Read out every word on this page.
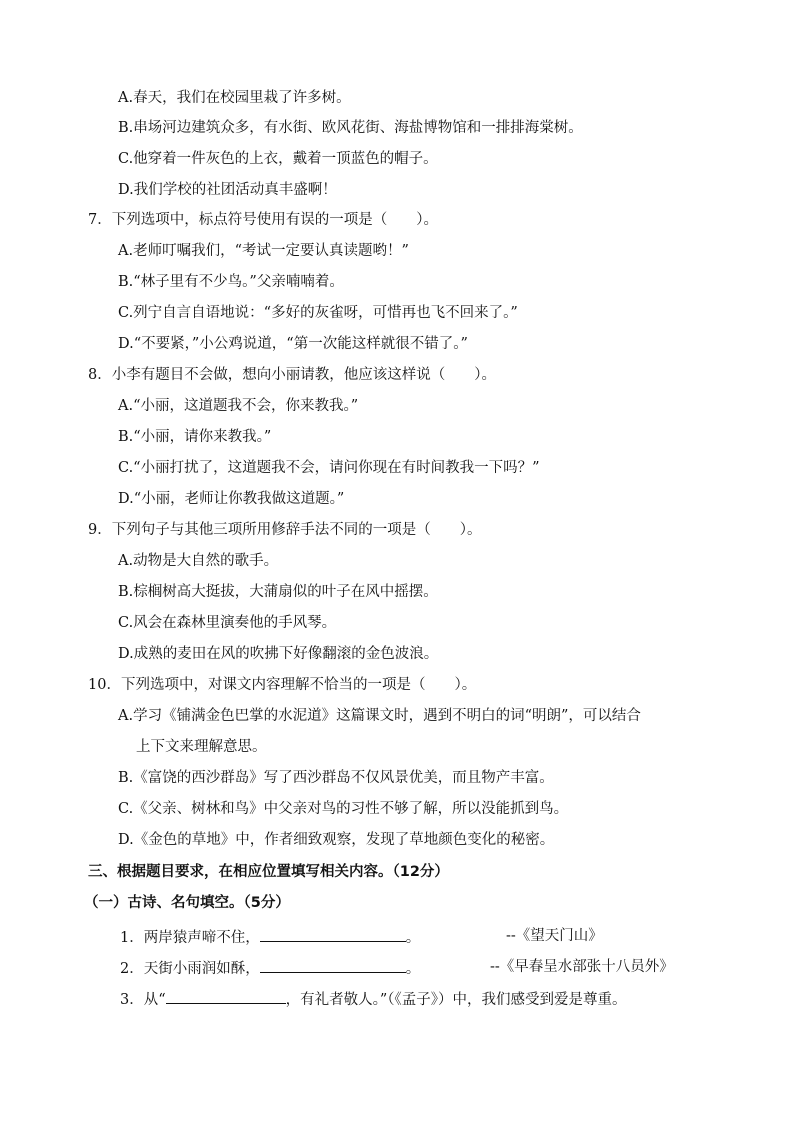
A.春天，我们在校园里栽了许多树。
B.串场河边建筑众多，有水街、欧风花街、海盐博物馆和一排排海棠树。
C.他穿着一件灰色的上衣，戴着一顶蓝色的帽子。
D.我们学校的社团活动真丰盛啊！
7．下列选项中，标点符号使用有误的一项是（　　）。
A.老师叮嘱我们，“考试一定要认真读题哟！”
B.“林子里有不少鸟。”父亲喃喃着。
C.列宁自言自语地说：“多好的灰雀呀，可惜再也飞不回来了。”
D.“不要紧，”小公鸡说道，“第一次能这样就很不错了。”
8．小李有题目不会做，想向小丽请教，他应该这样说（　　）。
A.“小丽，这道题我不会，你来教我。”
B.“小丽，请你来教我。”
C.“小丽打扰了，这道题我不会，请问你现在有时间教我一下吗？”
D.“小丽，老师让你教我做这道题。”
9．下列句子与其他三项所用修辞手法不同的一项是（　　）。
A.动物是大自然的歌手。
B.棕榈树高大挺拔，大蒲扇似的叶子在风中摇摆。
C.风会在森林里演奏他的手风琴。
D.成熟的麦田在风的吹拂下好像翻滚的金色波浪。
10．下列选项中，对课文内容理解不恰当的一项是（　　）。
A.学习《铺满金色巴掌的水泥道》这篇课文时，遇到不明白的词“明朗”，可以结合
上下文来理解意思。
B.《富饶的西沙群岛》写了西沙群岛不仅风景优美，而且物产丰富。
C.《父亲、树林和鸟》中父亲对鸟的习性不够了解，所以没能抓到鸟。
D.《金色的草地》中，作者细致观察，发现了草地颜色变化的秘密。
三、根据题目要求，在相应位置填写相关内容。（12分）
（一）古诗、名句填空。（5分）
1．两岸猿声啼不住，	。	--《望天门山》
2．天街小雨润如酥，	。	--《早春呈水部张十八员外》
3．从“	，有礼者敬人。”（《孟子》）中，我们感受到爱是尊重。
